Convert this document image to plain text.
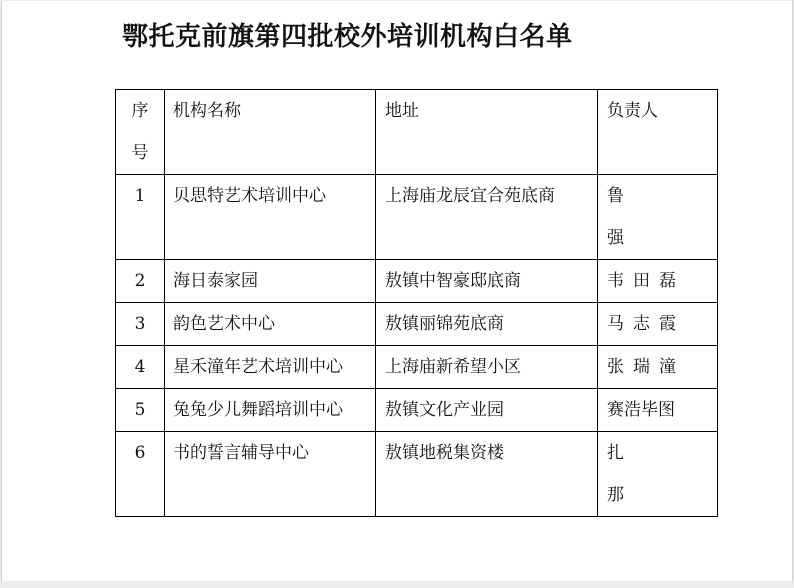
鄂托克前旗第四批校外培训机构白名单
序号	机构名称	地址	负责人
1	贝思特艺术培训中心	上海庙龙辰宜合苑底商	鲁强

2	海日泰家园	敖镇中智豪邸底商	韦田磊
3	韵色艺术中心	敖镇丽锦苑底商	马志霞
4	星禾潼年艺术培训中心	上海庙新希望小区	张瑞潼
5	兔兔少儿舞蹈培训中心	敖镇文化产业园	赛浩毕图
6	书的誓言辅导中心	敖镇地税集资楼	扎那
